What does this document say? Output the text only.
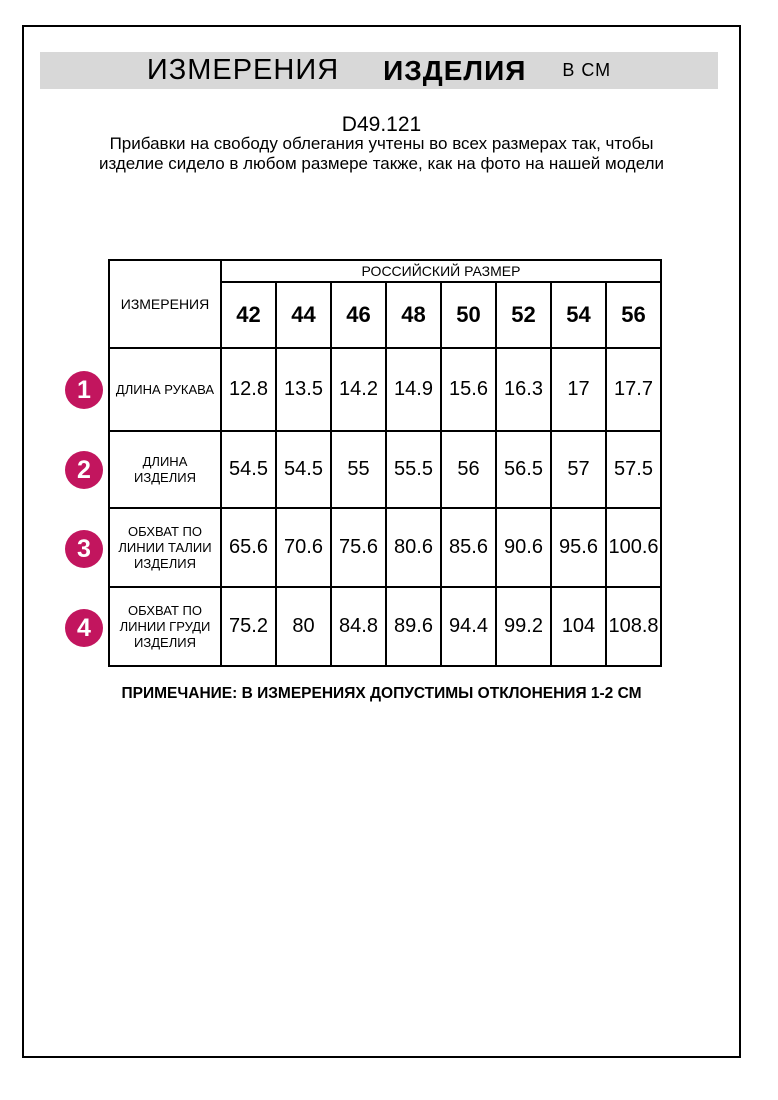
ИЗМЕРЕНИЯ ИЗДЕЛИЯ В СМ
D49.121
Прибавки на свободу облегания учтены во всех размерах так, чтобы изделие сидело в любом размере также, как на фото на нашей модели
1
2
3
4
ИЗМЕРЕНИЯ	РОССИЙСКИЙ РАЗМЕР							
	42	44	46	48	50	52	54	56
ДЛИНА РУКАВА	12.8	13.5	14.2	14.9	15.6	16.3	17	17.7
ДЛИНА ИЗДЕЛИЯ	54.5	54.5	55	55.5	56	56.5	57	57.5
ОБХВАТ ПО ЛИНИИ ТАЛИИ ИЗДЕЛИЯ	65.6	70.6	75.6	80.6	85.6	90.6	95.6	100.6
ОБХВАТ ПО ЛИНИИ ГРУДИ ИЗДЕЛИЯ	75.2	80	84.8	89.6	94.4	99.2	104	108.8
ПРИМЕЧАНИЕ: В ИЗМЕРЕНИЯХ ДОПУСТИМЫ ОТКЛОНЕНИЯ 1-2 СМ
